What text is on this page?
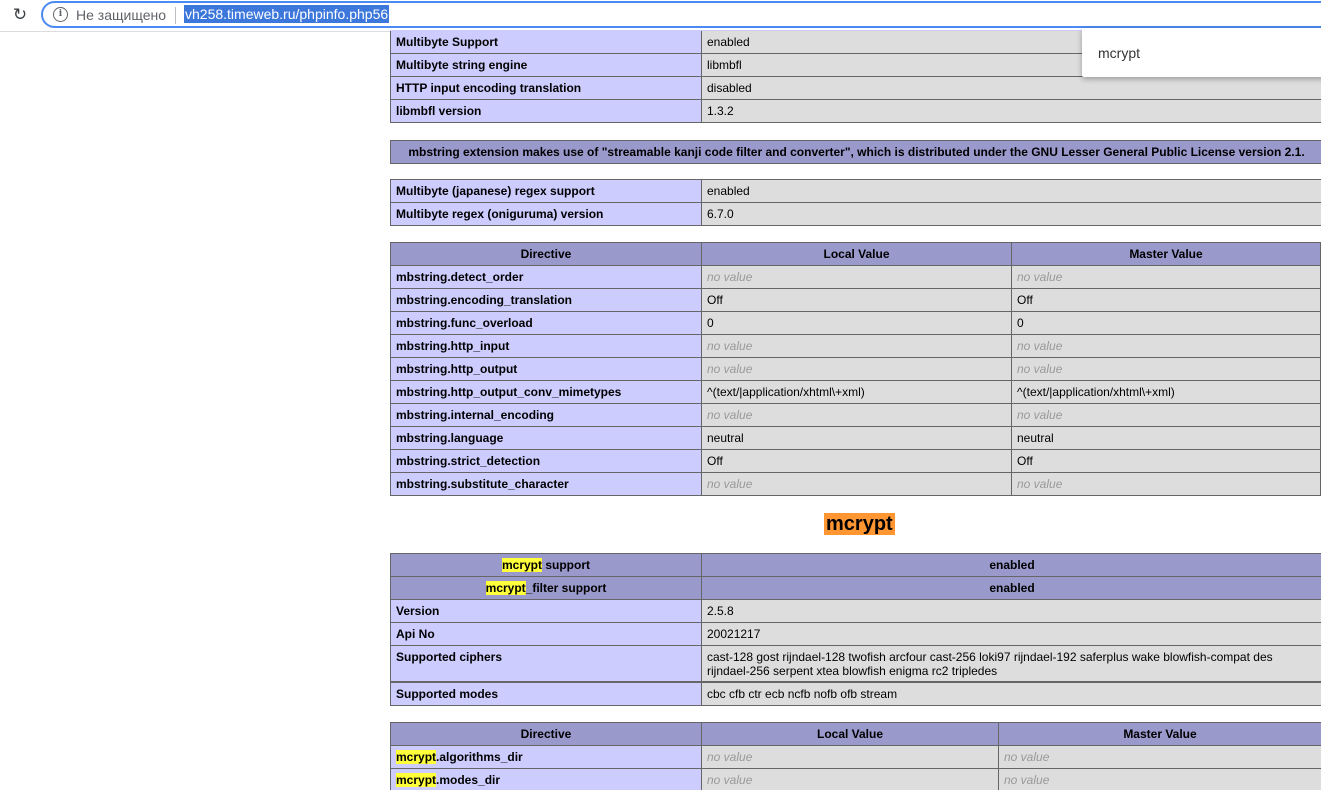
↻	i Не защищено vh258.timeweb.ru/phpinfo.php56
mcrypt
Multibyte Support	enabled
Multibyte string engine	libmbfl
HTTP input encoding translation	disabled
libmbfl version	1.3.2
mbstring extension makes use of "streamable kanji code filter and converter", which is distributed under the GNU Lesser General Public License version 2.1.
Multibyte (japanese) regex support	enabled
Multibyte regex (oniguruma) version	6.7.0
Directive	Local Value	Master Value
mbstring.detect_order	no value	no value
mbstring.encoding_translation	Off	Off
mbstring.func_overload	0	0
mbstring.http_input	no value	no value
mbstring.http_output	no value	no value
mbstring.http_output_conv_mimetypes	^(text/|application/xhtml\+xml)	^(text/|application/xhtml\+xml)
mbstring.internal_encoding	no value	no value
mbstring.language	neutral	neutral
mbstring.strict_detection	Off	Off
mbstring.substitute_character	no value	no value
mcrypt
mcrypt support	enabled
mcrypt_filter support	enabled
Version	2.5.8
Api No	20021217
Supported ciphers	cast-128 gost rijndael-128 twofish arcfour cast-256 loki97 rijndael-192 saferplus wake blowfish-compat des rijndael-256 serpent xtea blowfish enigma rc2 tripledes
Supported modes	cbc cfb ctr ecb ncfb nofb ofb stream
Directive	Local Value	Master Value
mcrypt.algorithms_dir	no value	no value
mcrypt.modes_dir	no value	no value
